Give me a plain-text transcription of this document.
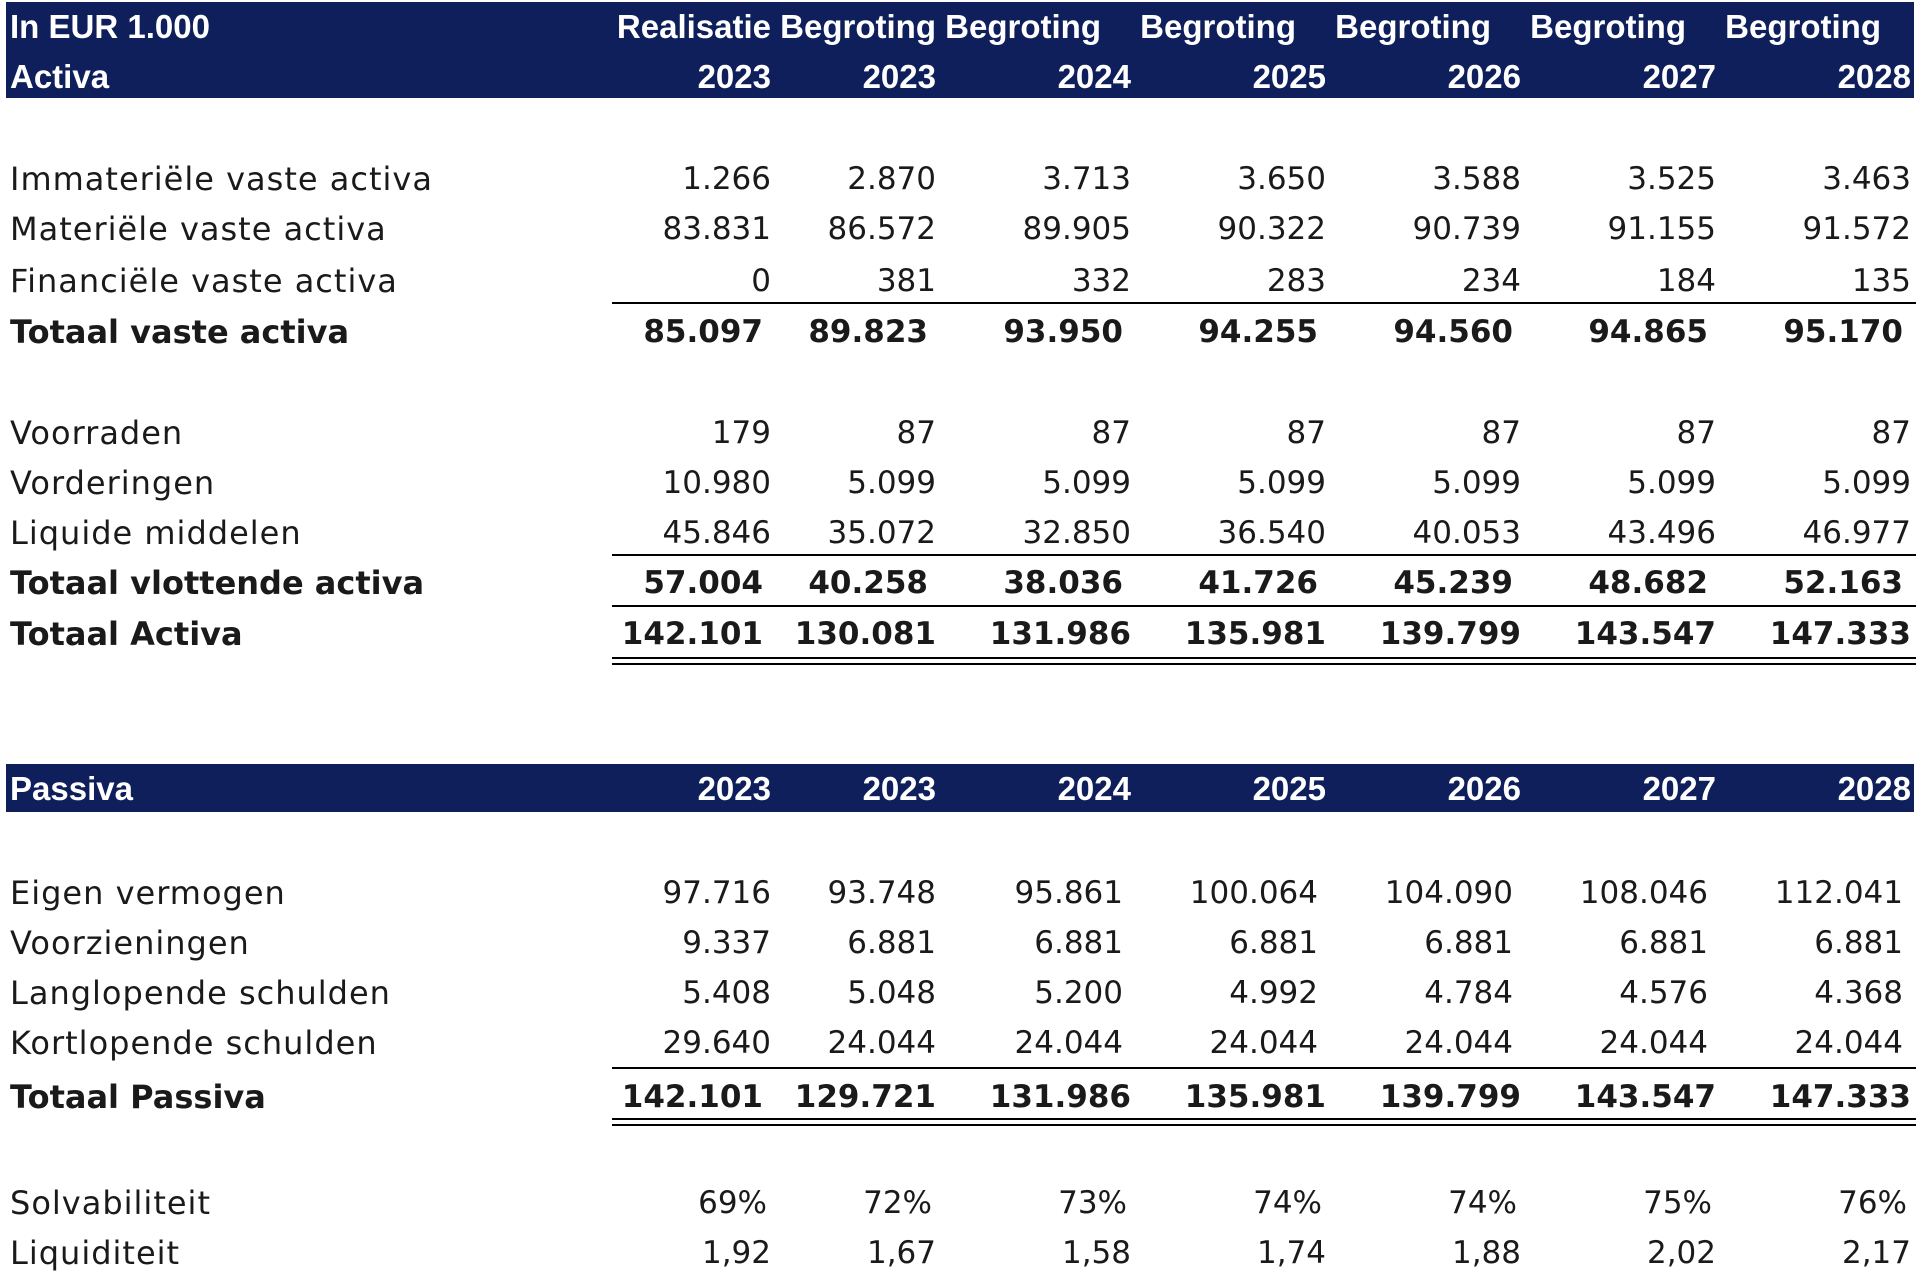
In EUR 1.000
Activa
Realisatie Begroting Begroting Begroting Begroting Begroting Begroting
2023	2023	2024	2025	2026	2027	2028
Immateriële vaste activa	1.266 2.870	3.713	3.650	3.588	3.525	3.463
Materiële vaste activa	83.831 86.572	89.905	90.322	90.739	91.155	91.572
Financiële vaste activa	0	381	332	283	234	184	135
Totaal vaste activa	85.097 89.823 93.950 94.255 94.560 94.865 95.170
Voorraden	179	87	87	87	87	87	87
Vorderingen	10.980 5.099	5.099	5.099	5.099	5.099	5.099
Liquide middelen	45.846 35.072	32.850	36.540	40.053	43.496	46.977
Totaal vlottende activa	57.004 40.258 38.036 41.726 45.239 48.682 52.163
Totaal Activa	142.101 130.081 131.986 135.981 139.799 143.547 147.333
Passiva	2023	2023	2024	2025	2026	2027	2028
Eigen vermogen	97.716 93.748	95.861 100.064 104.090 108.046 112.041
Voorzieningen	9.337 6.881	6.881	6.881	6.881	6.881	6.881
Langlopende schulden	5.408 5.048	5.200	4.992	4.784	4.576	4.368
Kortlopende schulden	29.640 24.044	24.044	24.044	24.044	24.044	24.044
Totaal Passiva	142.101 129.721 131.986 135.981 139.799 143.547 147.333
Solvabiliteit	69%	72%	73%	74%	74%	75%	76%
Liquiditeit	1,92	1,67	1,58	1,74	1,88	2,02	2,17
